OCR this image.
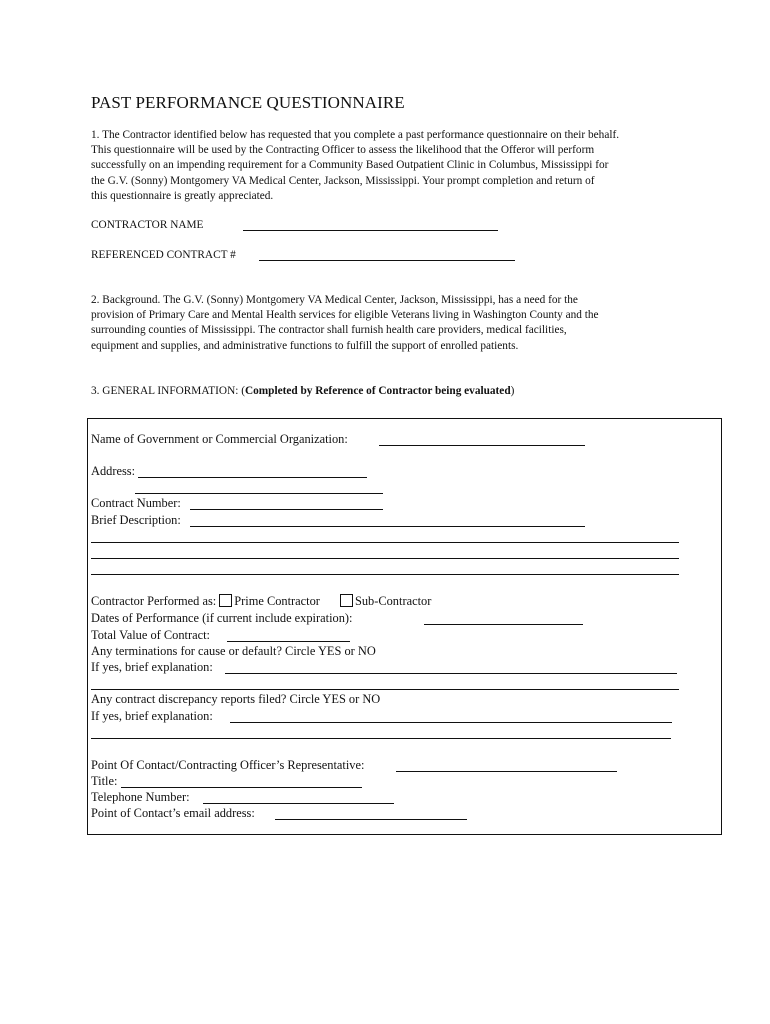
PAST PERFORMANCE QUESTIONNAIRE
1. The Contractor identified below has requested that you complete a past performance questionnaire on their behalf.
This questionnaire will be used by the Contracting Officer to assess the likelihood that the Offeror will perform
successfully on an impending requirement for a Community Based Outpatient Clinic in Columbus, Mississippi for
the G.V. (Sonny) Montgomery VA Medical Center, Jackson, Mississippi. Your prompt completion and return of
this questionnaire is greatly appreciated.
CONTRACTOR NAME
REFERENCED CONTRACT #
2. Background. The G.V. (Sonny) Montgomery VA Medical Center, Jackson, Mississippi, has a need for the
provision of Primary Care and Mental Health services for eligible Veterans living in Washington County and the
surrounding counties of Mississippi. The contractor shall furnish health care providers, medical facilities,
equipment and supplies, and administrative functions to fulfill the support of enrolled patients.
3. GENERAL INFORMATION: (Completed by Reference of Contractor being evaluated)
Name of Government or Commercial Organization:
Address:
Contract Number:
Brief Description:
Contractor Performed as: Prime Contractor	Sub-Contractor
Dates of Performance (if current include expiration):
Total Value of Contract:
Any terminations for cause or default? Circle YES or NO
If yes, brief explanation:
Any contract discrepancy reports filed? Circle YES or NO
If yes, brief explanation:
Point Of Contact/Contracting Officer’s Representative:
Title:
Telephone Number:
Point of Contact’s email address:
